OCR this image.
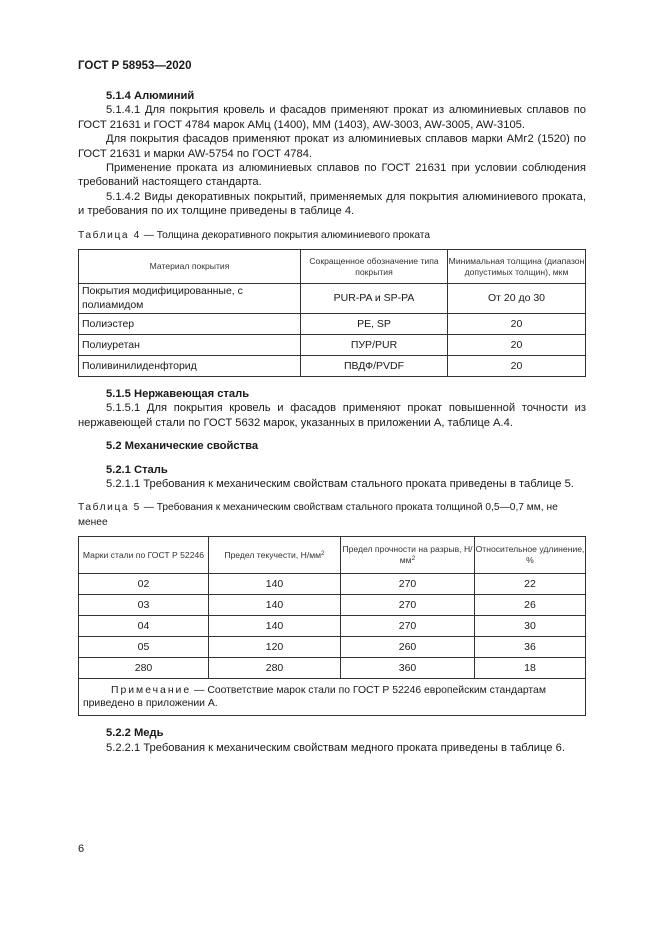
ГОСТ Р 58953—2020

5.1.4 Алюминий

5.1.4.1 Для покрытия кровель и фасадов применяют прокат из алюминиевых сплавов по ГОСТ 21631 и ГОСТ 4784 марок АМц (1400), ММ (1403), AW-3003, AW-3005, AW-3105.

Для покрытия фасадов применяют прокат из алюминиевых сплавов марки АМг2 (1520) по ГОСТ 21631 и марки AW-5754 по ГОСТ 4784.

Применение проката из алюминиевых сплавов по ГОСТ 21631 при условии соблюдения требований настоящего стандарта.

5.1.4.2 Виды декоративных покрытий, применяемых для покрытия алюминиевого проката, и требования по их толщине приведены в таблице 4.

Таблица 4 — Толщина декоративного покрытия алюминиевого проката

Материал покрытия	Сокращенное обозначение типа покрытия	Минимальная толщина (диапазон допустимых толщин), мкм
Покрытия модифицированные, с полиамидом	PUR-PA и SP-PA	От 20 до 30
Полиэстер	PE, SP	20
Полиуретан	ПУР/PUR	20
Поливинилиденфторид	ПВДФ/PVDF	20

5.1.5 Нержавеющая сталь

5.1.5.1 Для покрытия кровель и фасадов применяют прокат повышенной точности из нержавеющей стали по ГОСТ 5632 марок, указанных в приложении А, таблице А.4.

5.2 Механические свойства

5.2.1 Сталь

5.2.1.1 Требования к механическим свойствам стального проката приведены в таблице 5.

Таблица 5 — Требования к механическим свойствам стального проката толщиной 0,5—0,7 мм, не менее

Марки стали по ГОСТ Р 52246	Предел текучести, $Н/мм^2$	Предел прочности на разрыв, $Н/мм^2$	Относительное удлинение, %
02	140	270	22
03	140	270	26
04	140	270	30
05	120	260	36
280	280	360	18
Примечание — Соответствие марок стали по ГОСТ Р 52246 европейским стандартам приведено в приложении А.			

5.2.2 Медь

5.2.2.1 Требования к механическим свойствам медного проката приведены в таблице 6.

6
